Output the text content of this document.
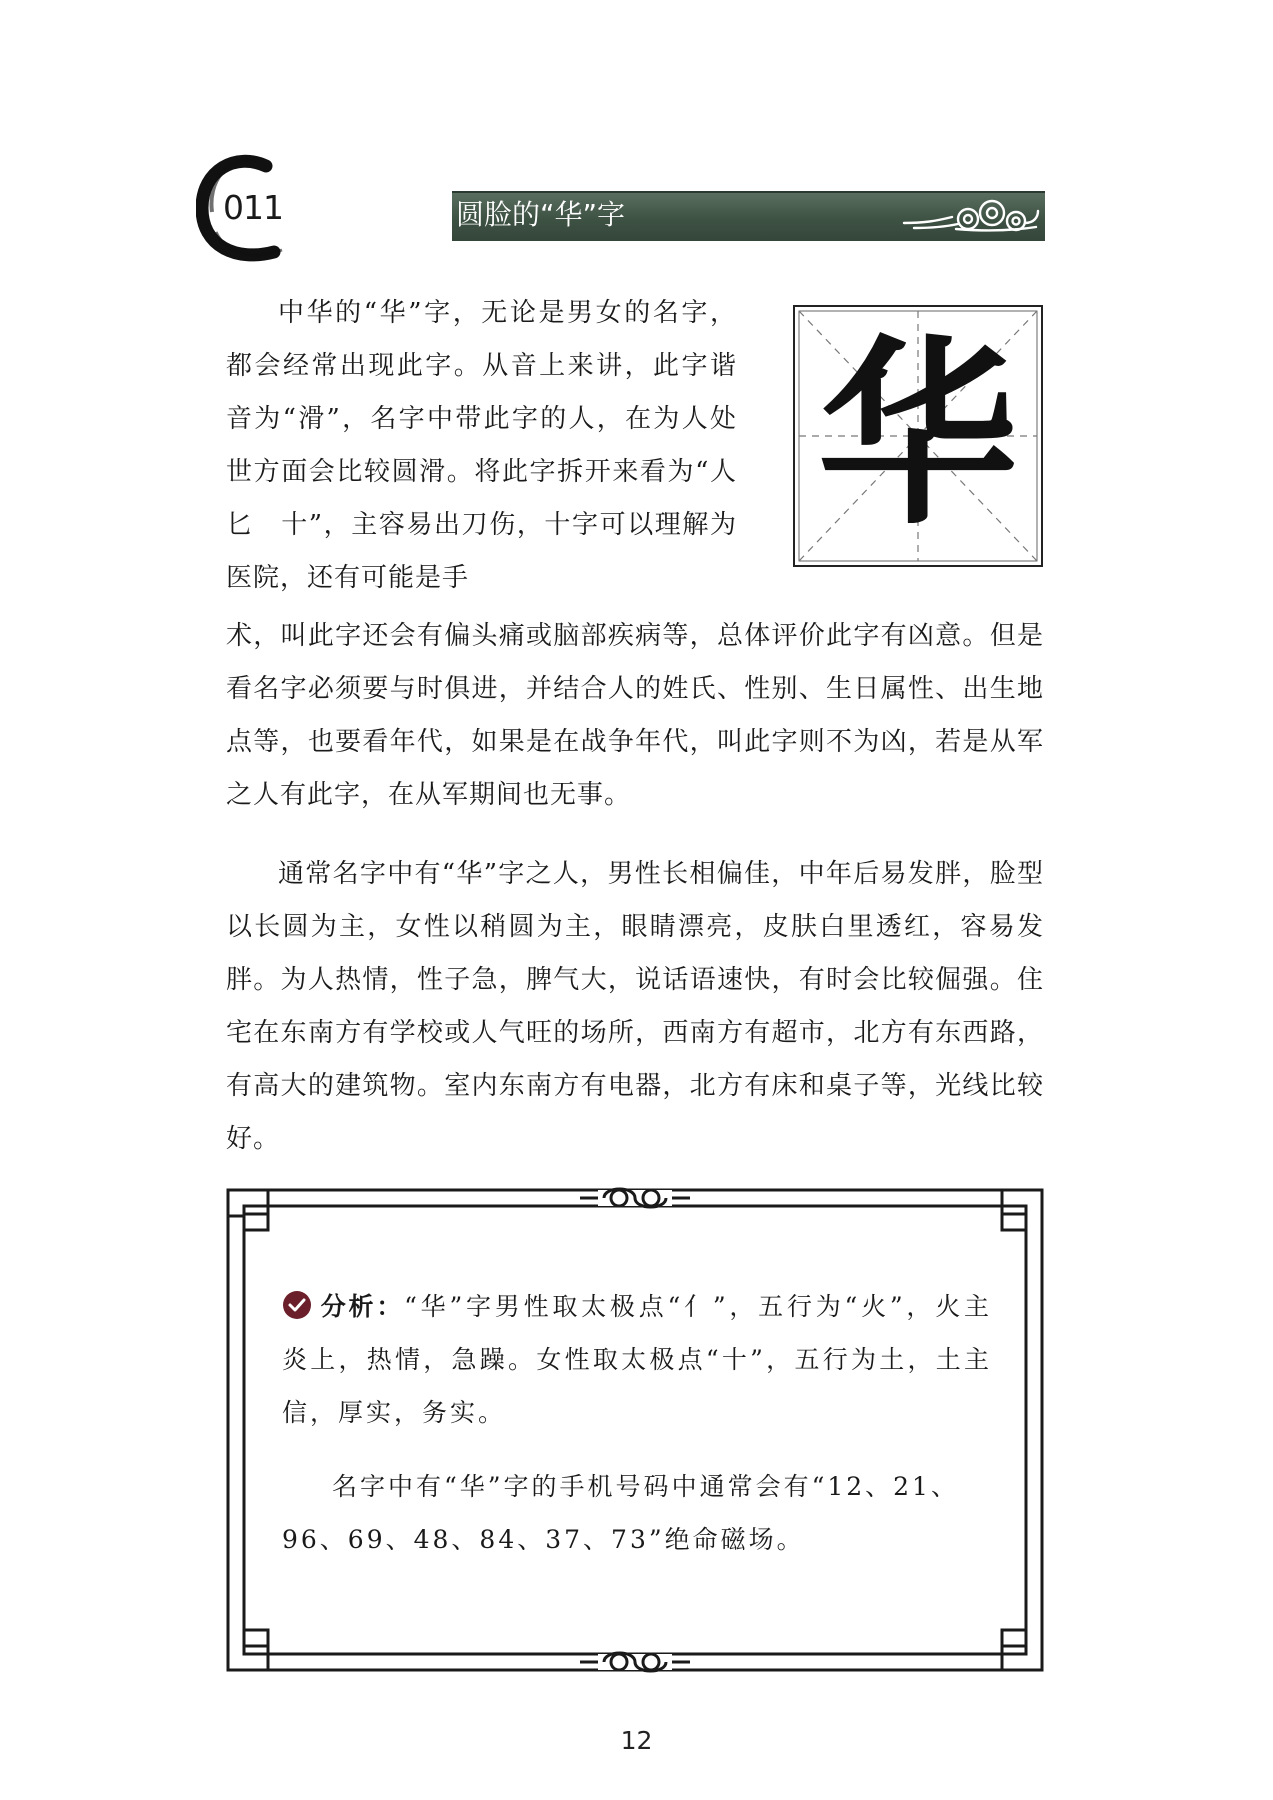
011	圆脸的“华”字

中华的“华”字，无论是男女的名字，都会经常出现此字。从音上来讲，此字谐音为“滑”，名字中带此字的人，在为人处世方面会比较圆滑。将此字拆开来看为“人　匕　十”，主容易出刀伤，十字可以理解为医院，还有可能是手

华

术，叫此字还会有偏头痛或脑部疾病等，总体评价此字有凶意。但是看名字必须要与时俱进，并结合人的姓氏、性别、生日属性、出生地点等，也要看年代，如果是在战争年代，叫此字则不为凶，若是从军之人有此字，在从军期间也无事。

通常名字中有“华”字之人，男性长相偏佳，中年后易发胖，脸型以长圆为主，女性以稍圆为主，眼睛漂亮，皮肤白里透红，容易发胖。为人热情，性子急，脾气大，说话语速快，有时会比较倔强。住宅在东南方有学校或人气旺的场所，西南方有超市，北方有东西路，有高大的建筑物。室内东南方有电器，北方有床和桌子等，光线比较好。

分析：“华”字男性取太极点“亻”，五行为“火”，火主炎上，热情，急躁。女性取太极点“十”，五行为土，土主信，厚实，务实。

名字中有“华”字的手机号码中通常会有“12、21、96、69、48、84、37、73”绝命磁场。

12
